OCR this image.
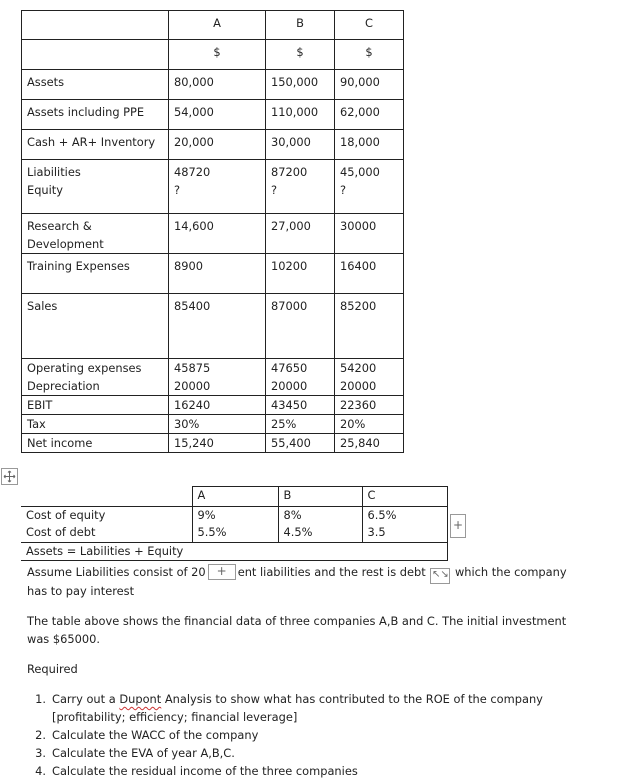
	A	B	C
	$	$	$
Assets	80,000	150,000	90,000
Assets including PPE	54,000	110,000	62,000
Cash + AR+ Inventory	20,000	30,000	18,000
Liabilities	48720	87200	45,000
Equity	?	?	?
Research &
Development	14,600	27,000	30000
Training Expenses	8900	10200	16400
Sales	85400	87000	85200
Operating expenses	45875	47650	54200
Depreciation	20000	20000	20000
EBIT	16240	43450	22360
Tax	30%	25%	20%
Net income	15,240	55,400	25,840
	A	B	C
Cost of equity	9%	8%	6.5%
Cost of debt	5.5%	4.5%	3.5
Assets = Labilities + Equity			
+
Assume Liabilities consist of 20 + ent liabilities and the rest is debt ↖↘ which the company
has to pay interest
The table above shows the financial data of three companies A,B and C. The initial investment
was $65000.
Required
1. Carry out a Dupont Analysis to show what has contributed to the ROE of the company
[profitability; efficiency; financial leverage]
2. Calculate the WACC of the company
3. Calculate the EVA of year A,B,C.
4. Calculate the residual income of the three companies
